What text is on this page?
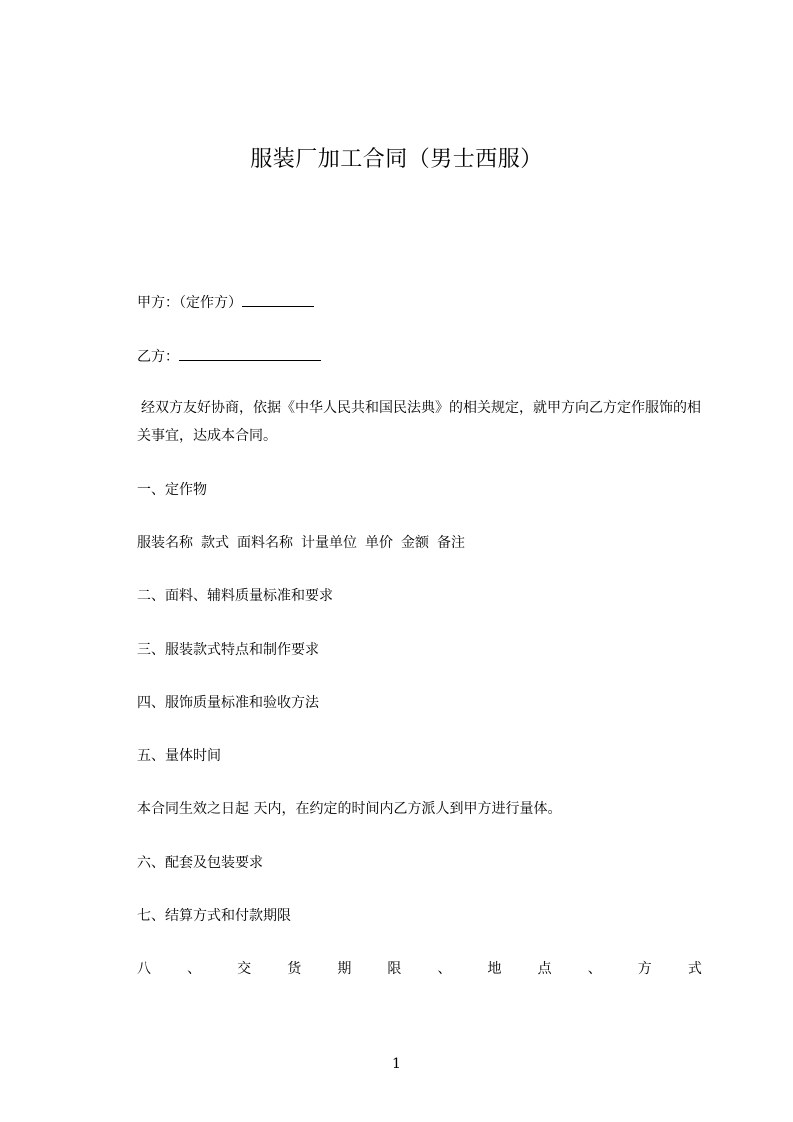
服装厂加工合同（男士西服）
甲方：（定作方）
乙方：
经双方友好协商，依据《中华人民共和国民法典》的相关规定，就甲方向乙方定作服饰的相关事宜，达成本合同。
一、定作物
服装名称 款式 面料名称 计量单位 单价 金额 备注
二、面料、辅料质量标准和要求
三、服装款式特点和制作要求
四、服饰质量标准和验收方法
五、量体时间
本合同生效之日起 天内，在约定的时间内乙方派人到甲方进行量体。
六、配套及包装要求
七、结算方式和付款期限
八	、	交	货	期	限	、	地	点	、	方	式
1
